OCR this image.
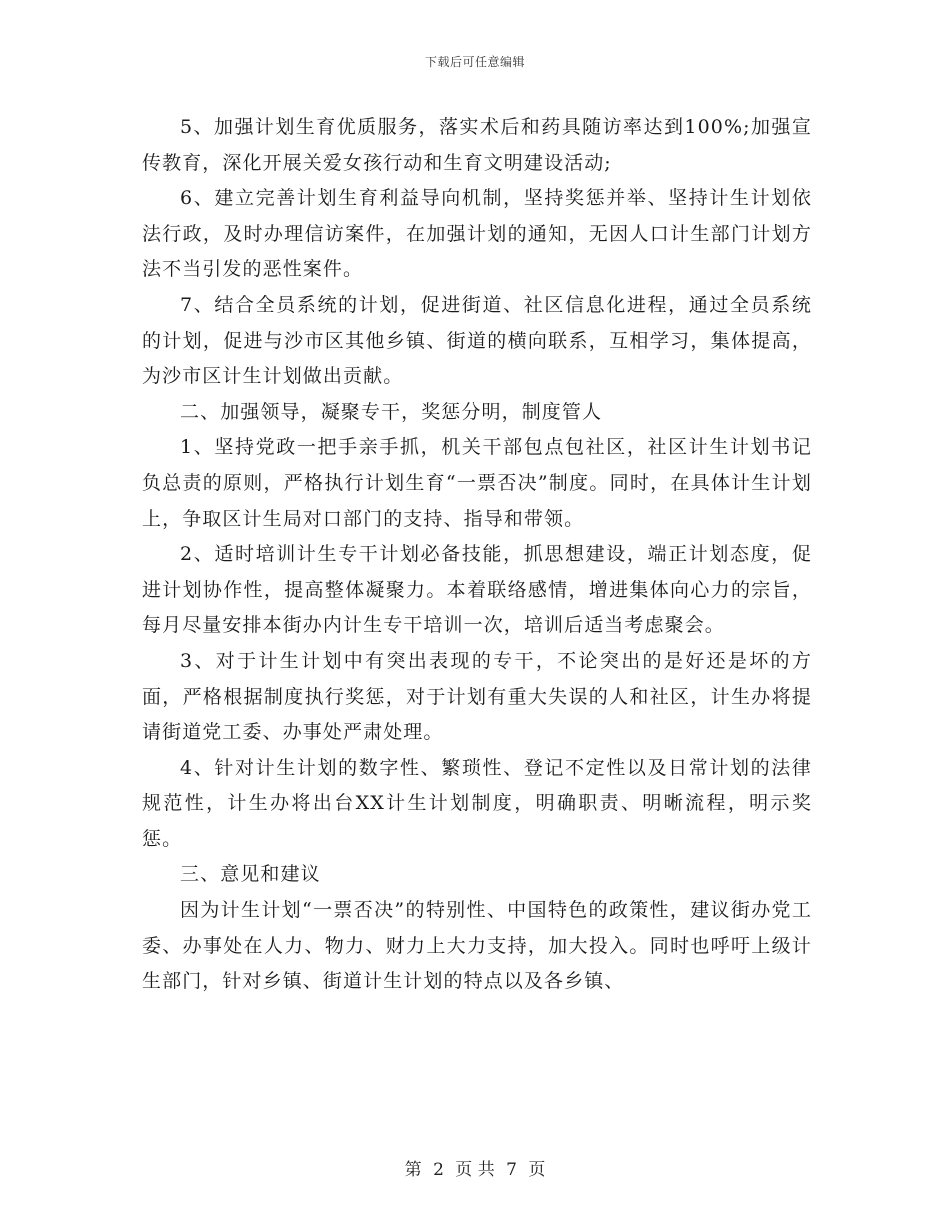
下载后可任意编辑

5、加强计划生育优质服务，落实术后和药具随访率达到100%;加强宣传教育，深化开展关爱女孩行动和生育文明建设活动;

6、建立完善计划生育利益导向机制，坚持奖惩并举、坚持计生计划依法行政，及时办理信访案件，在加强计划的通知，无因人口计生部门计划方法不当引发的恶性案件。

7、结合全员系统的计划，促进街道、社区信息化进程，通过全员系统的计划，促进与沙市区其他乡镇、街道的横向联系，互相学习，集体提高，为沙市区计生计划做出贡献。

二、加强领导，凝聚专干，奖惩分明，制度管人

1、坚持党政一把手亲手抓，机关干部包点包社区，社区计生计划书记负总责的原则，严格执行计划生育“一票否决”制度。同时，在具体计生计划上，争取区计生局对口部门的支持、指导和带领。

2、适时培训计生专干计划必备技能，抓思想建设，端正计划态度，促进计划协作性，提高整体凝聚力。本着联络感情，增进集体向心力的宗旨，每月尽量安排本街办内计生专干培训一次，培训后适当考虑聚会。

3、对于计生计划中有突出表现的专干，不论突出的是好还是坏的方面，严格根据制度执行奖惩，对于计划有重大失误的人和社区，计生办将提请街道党工委、办事处严肃处理。

4、针对计生计划的数字性、繁琐性、登记不定性以及日常计划的法律规范性，计生办将出台XX计生计划制度，明确职责、明晰流程，明示奖惩。

三、意见和建议

因为计生计划“一票否决”的特别性、中国特色的政策性，建议街办党工委、办事处在人力、物力、财力上大力支持，加大投入。同时也呼吁上级计生部门，针对乡镇、街道计生计划的特点以及各乡镇、

第 2 页 共 7 页
